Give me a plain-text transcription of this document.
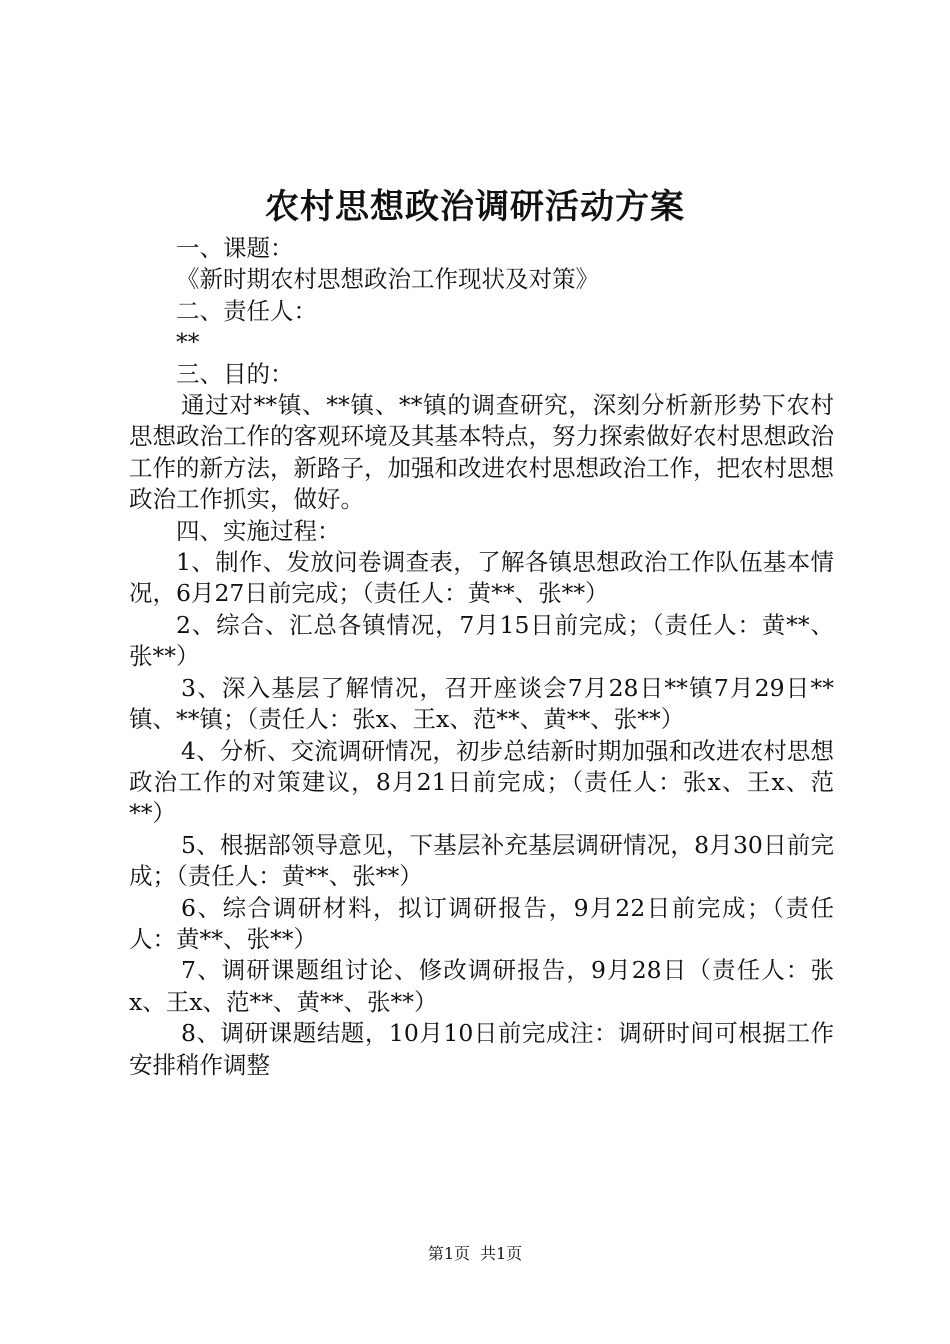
农村思想政治调研活动方案

一、课题：

《新时期农村思想政治工作现状及对策》

二、责任人：

**

三、目的：

通过对**镇、**镇、**镇的调查研究，深刻分析新形势下农村思想政治工作的客观环境及其基本特点，努力探索做好农村思想政治工作的新方法，新路子，加强和改进农村思想政治工作，把农村思想政治工作抓实，做好。

四、实施过程：

1、制作、发放问卷调查表，了解各镇思想政治工作队伍基本情况，6月27日前完成；（责任人：黄**、张**）

2、综合、汇总各镇情况，7月15日前完成；（责任人：黄**、张**）

3、深入基层了解情况，召开座谈会7月28日**镇7月29日**镇、**镇；（责任人：张x、王x、范**、黄**、张**）

4、分析、交流调研情况，初步总结新时期加强和改进农村思想政治工作的对策建议，8月21日前完成；（责任人：张x、王x、范**）

5、根据部领导意见，下基层补充基层调研情况，8月30日前完成；（责任人：黄**、张**）

6、综合调研材料，拟订调研报告，9月22日前完成；（责任人：黄**、张**）

7、调研课题组讨论、修改调研报告，9月28日（责任人：张x、王x、范**、黄**、张**）

8、调研课题结题，10月10日前完成注：调研时间可根据工作安排稍作调整

第1页 共1页
